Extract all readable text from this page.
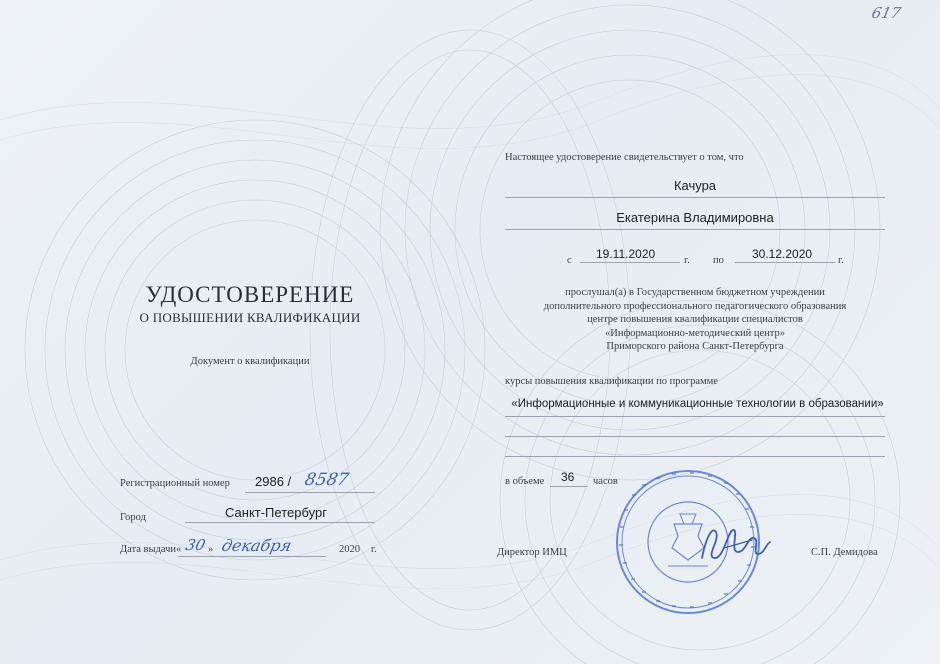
617
УДОСТОВЕРЕНИЕ
О ПОВЫШЕНИИ КВАЛИФИКАЦИИ
Документ о квалификации
Регистрационный номер 2986 / 8587
Город	Санкт-Петербург
Дата выдачи « 30 » декабря	2020 г.
Настоящее удостоверение свидетельствует о том, что
Качура
Екатерина Владимировна
с 19.11.2020	г. по 30.12.2020 г.
прослушал(а) в Государственном бюджетном учреждении
дополнительного профессионального педагогического образования
центре повышения квалификации специалистов
«Информационно-методический центр»
Приморского района Санкт-Петербурга
курсы повышения квалификации по программе
«Информационные и коммуникационные технологии в образовании»
в объеме 36 часов
Директор ИМЦ	С.П. Демидова
